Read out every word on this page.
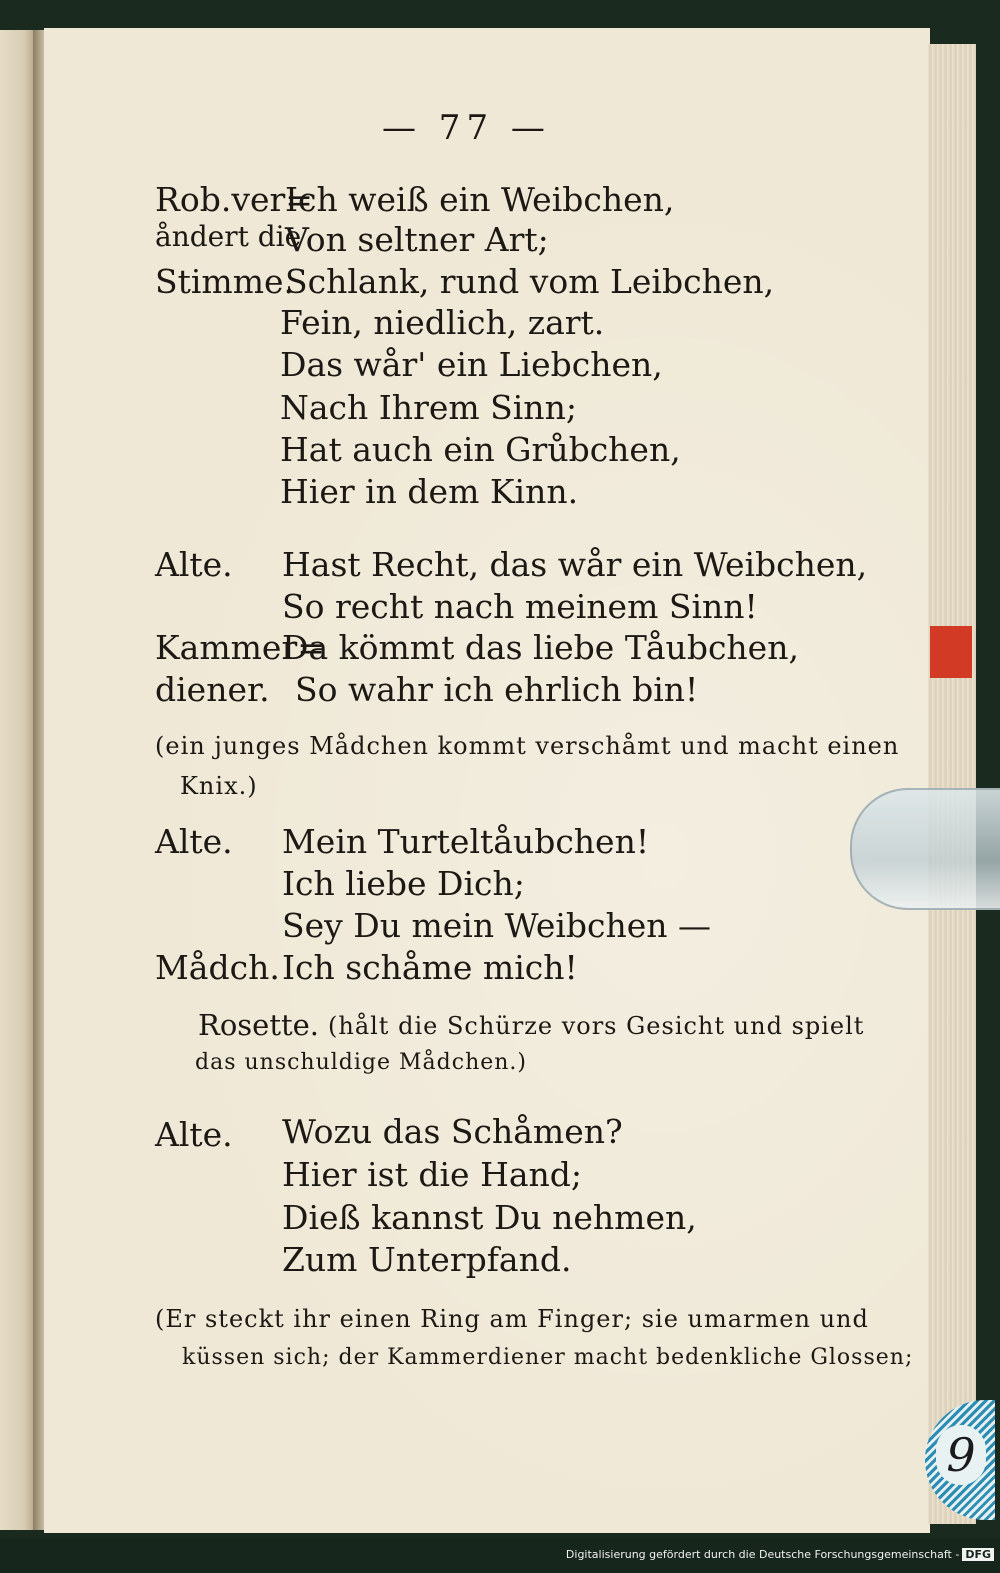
9
— 77 —
Rob.ver=
Ich weiß ein Weibchen,
åndert die
Von seltner Art;
Stimme.
Schlank, rund vom Leibchen,
Fein, niedlich, zart.
Das wår' ein Liebchen,
Nach Ihrem Sinn;
Hat auch ein Grůbchen,
Hier in dem Kinn.
Alte. Hast Recht, das wår ein Weibchen,
So recht nach meinem Sinn!
Kammer=
Da kömmt das liebe Tåubchen,
diener. So wahr ich ehrlich bin!
(ein junges Mådchen kommt verschåmt und macht einen
Knix.)
Alte. Mein Turteltåubchen!
Ich liebe Dich;
Sey Du mein Weibchen —
Mådch. Ich schåme mich!
Rosette. (hålt die Schürze vors Gesicht und spielt
das unschuldige Mådchen.)
Alte. Wozu das Schåmen?
Hier ist die Hand;
Dieß kannst Du nehmen,
Zum Unterpfand.
(Er steckt ihr einen Ring am Finger; sie umarmen und
küssen sich; der Kammerdiener macht bedenkliche Glossen;
Digitalisierung gefördert durch die Deutsche Forschungsgemeinschaft - DFG
